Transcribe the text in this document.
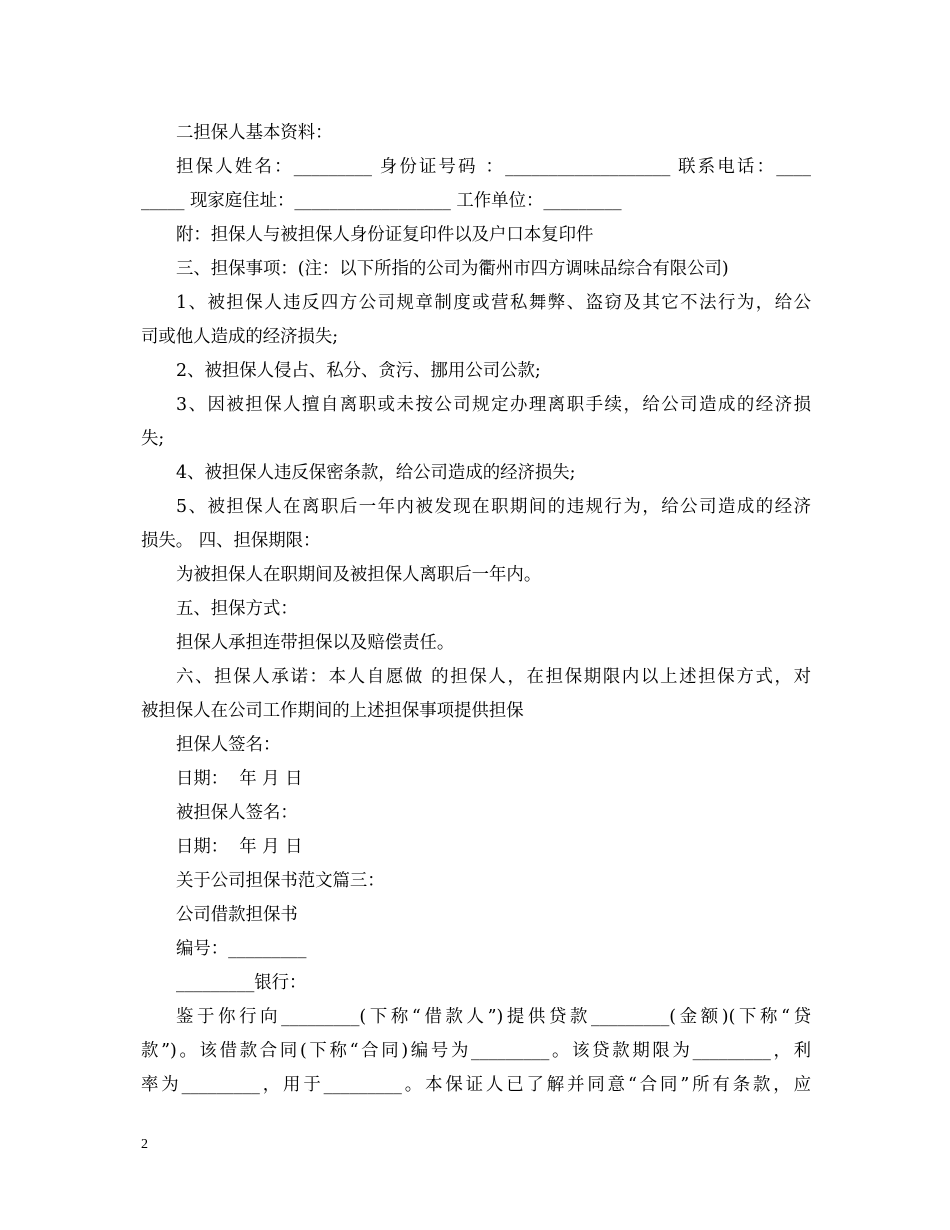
二担保人基本资料：
担保人姓名：_________ 身份证号码 ：___________________ 联系电话：____
_____ 现家庭住址：__________________ 工作单位：_________
附：担保人与被担保人身份证复印件以及户口本复印件
三、担保事项：(注：以下所指的公司为衢州市四方调味品综合有限公司)
1、被担保人违反四方公司规章制度或营私舞弊、盗窃及其它不法行为，给公
司或他人造成的经济损失;
2、被担保人侵占、私分、贪污、挪用公司公款;
3、因被担保人擅自离职或未按公司规定办理离职手续，给公司造成的经济损
失;
4、被担保人违反保密条款，给公司造成的经济损失;
5、被担保人在离职后一年内被发现在职期间的违规行为，给公司造成的经济
损失。 四、担保期限：
为被担保人在职期间及被担保人离职后一年内。
五、担保方式：
担保人承担连带担保以及赔偿责任。
六、担保人承诺：本人自愿做 的担保人，在担保期限内以上述担保方式，对
被担保人在公司工作期间的上述担保事项提供担保
担保人签名：
日期：  年 月 日
被担保人签名：
日期：  年 月 日
关于公司担保书范文篇三：
公司借款担保书
编号：_________
_________银行：
鉴于你行向_________(下称“借款人”)提供贷款_________(金额)(下称“贷
款”)。该借款合同(下称“合同)编号为_________。该贷款期限为_________，利
率为_________，用于_________。本保证人已了解并同意“合同”所有条款，应
2
